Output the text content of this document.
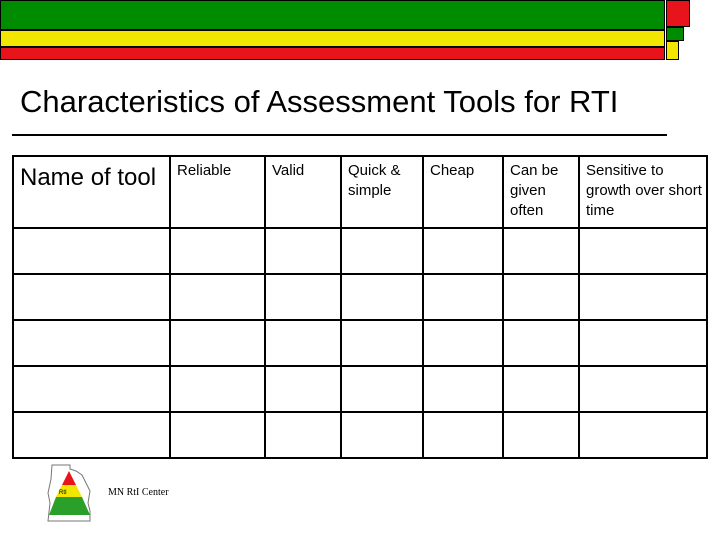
Characteristics of Assessment Tools for RTI
Name of tool	Reliable	Valid	Quick & simple	Cheap	Can be given often	Sensitive to growth over short time

RtI	MN RtI Center
